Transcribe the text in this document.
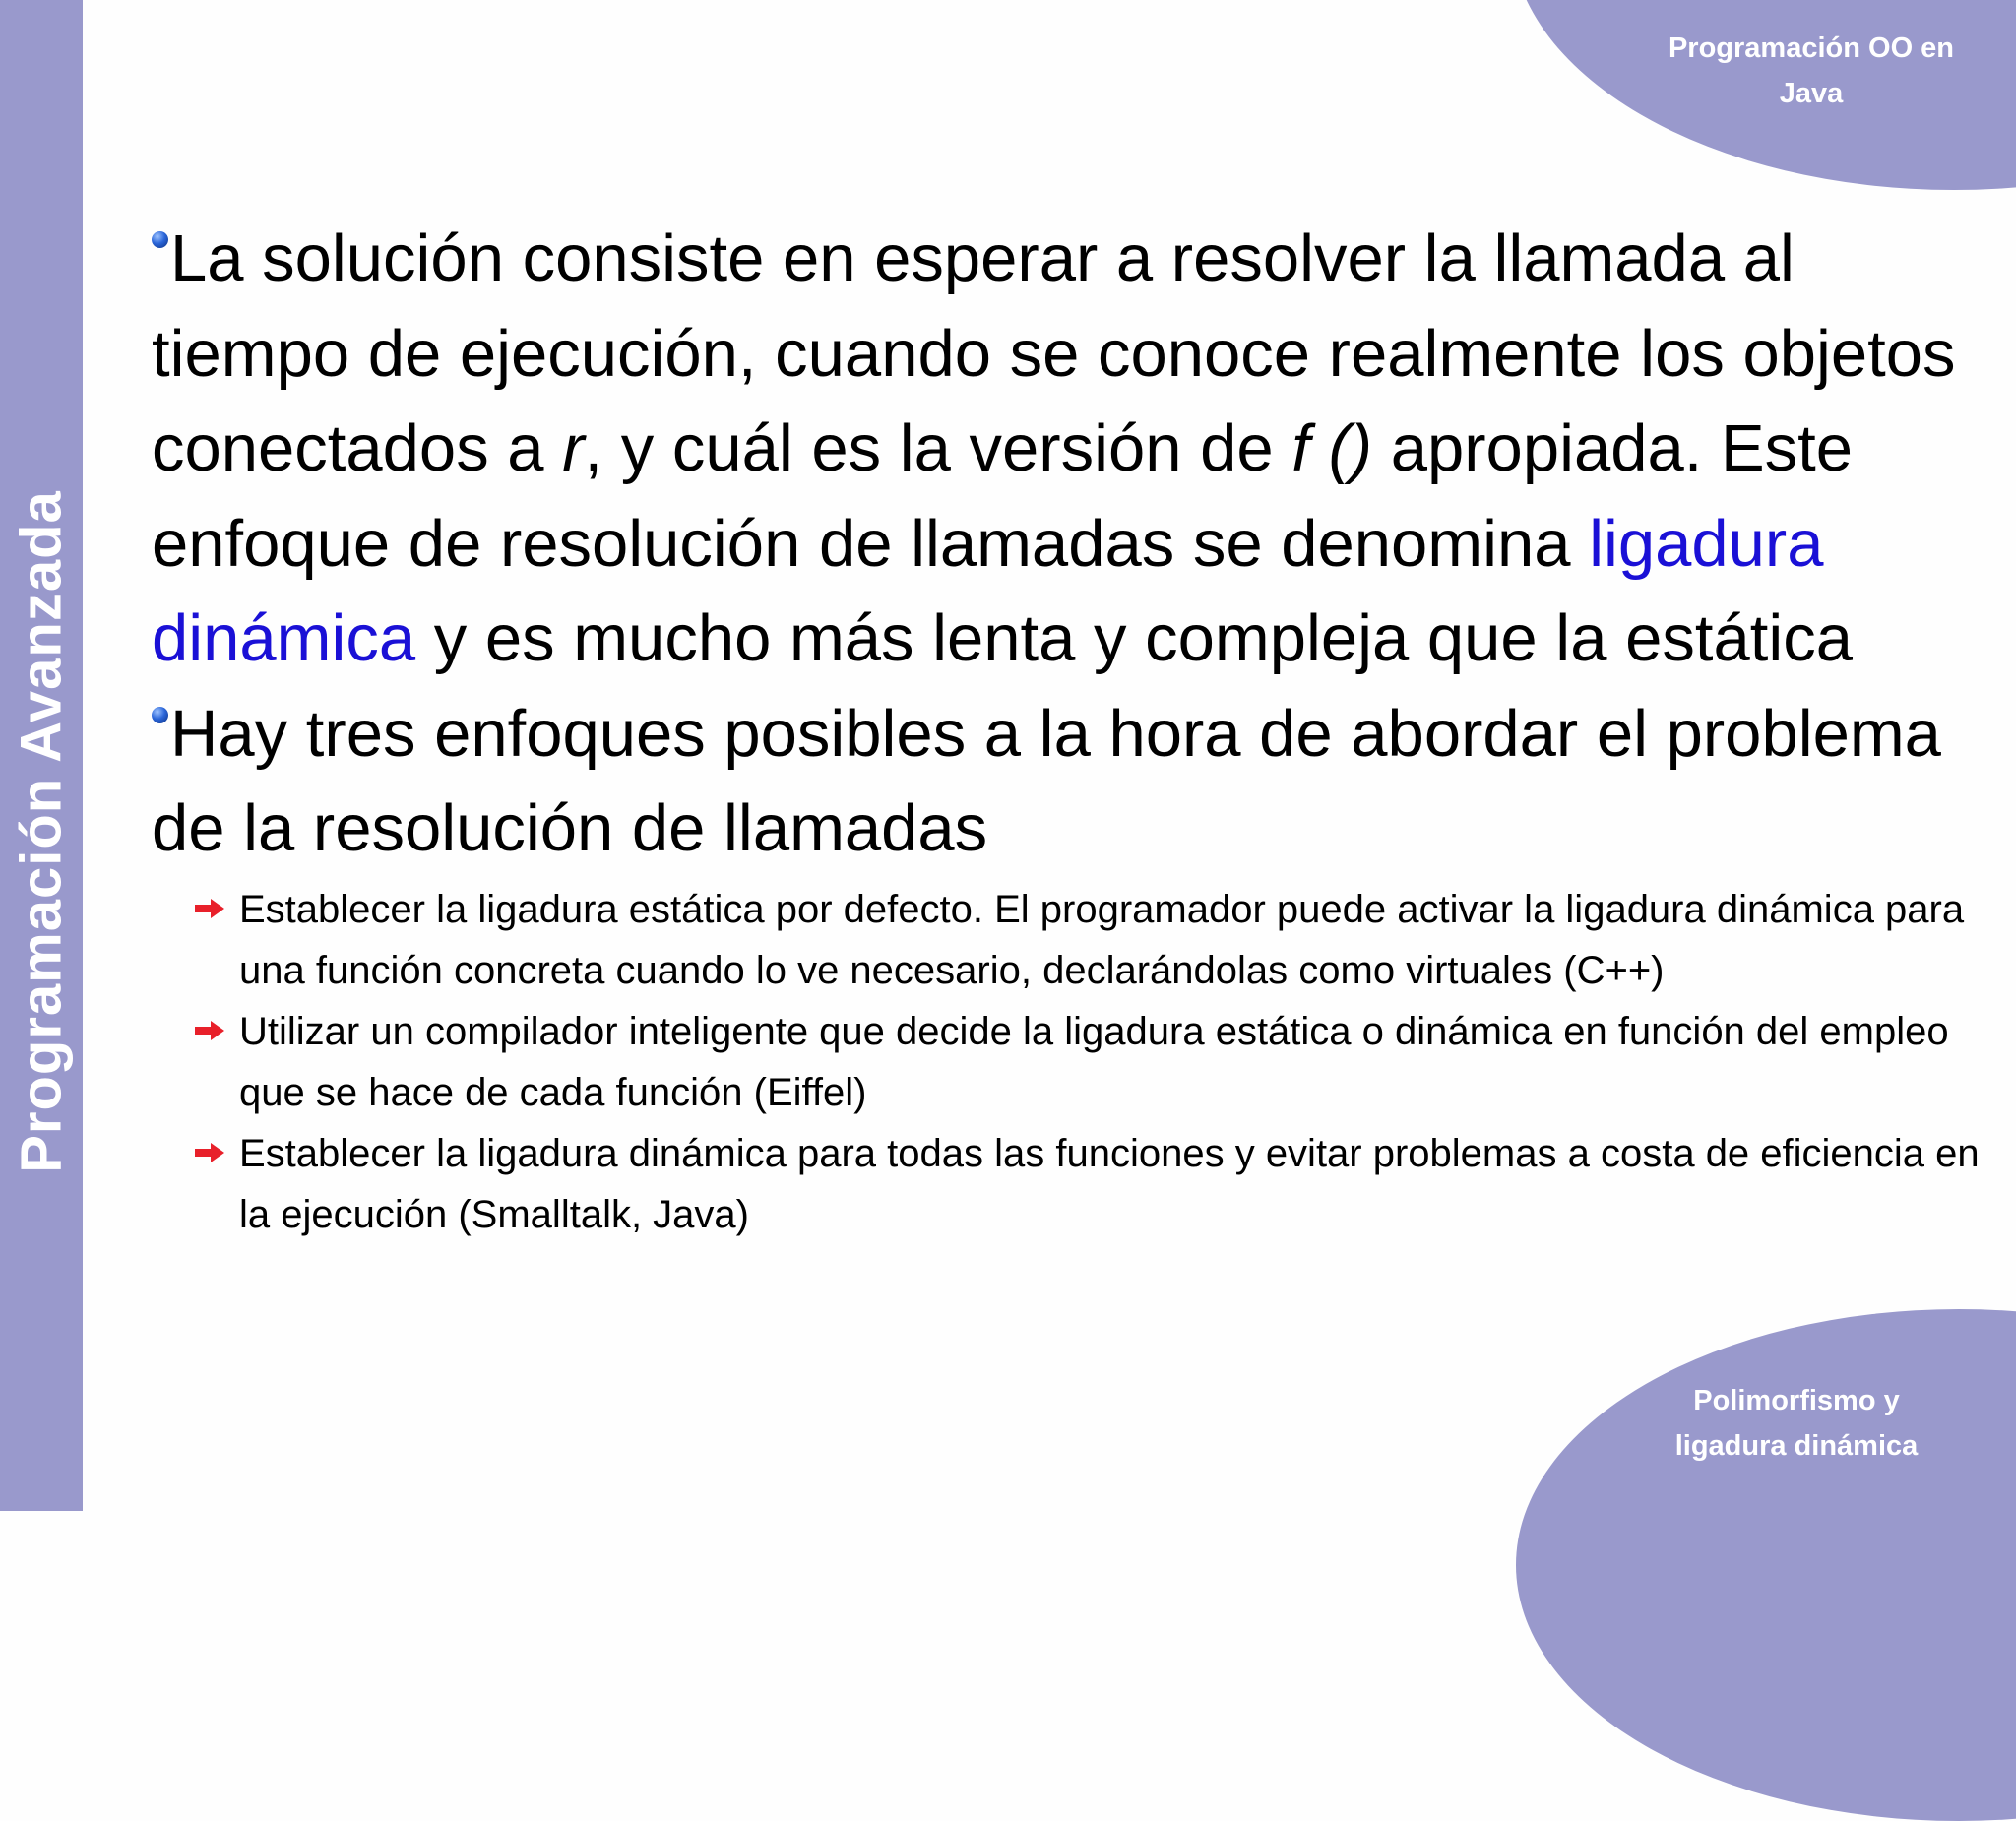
Programación Avanzada
Programación OO en
Java
Polimorfismo y
ligadura dinámica

La solución consiste en esperar a resolver la llamada al tiempo de ejecución, cuando se conoce realmente los objetos conectados a r, y cuál es la versión de f () apropiada. Este enfoque de resolución de llamadas se denomina ligadura dinámica y es mucho más lenta y compleja que la estática

Hay tres enfoques posibles a la hora de abordar el problema de la resolución de llamadas

Establecer la ligadura estática por defecto. El programador puede activar la ligadura dinámica para una función concreta cuando lo ve necesario, declarándolas como virtuales (C++)
Utilizar un compilador inteligente que decide la ligadura estática o dinámica en función del empleo que se hace de cada función (Eiffel)
Establecer la ligadura dinámica para todas las funciones y evitar problemas a costa de eficiencia en la ejecución (Smalltalk, Java)
